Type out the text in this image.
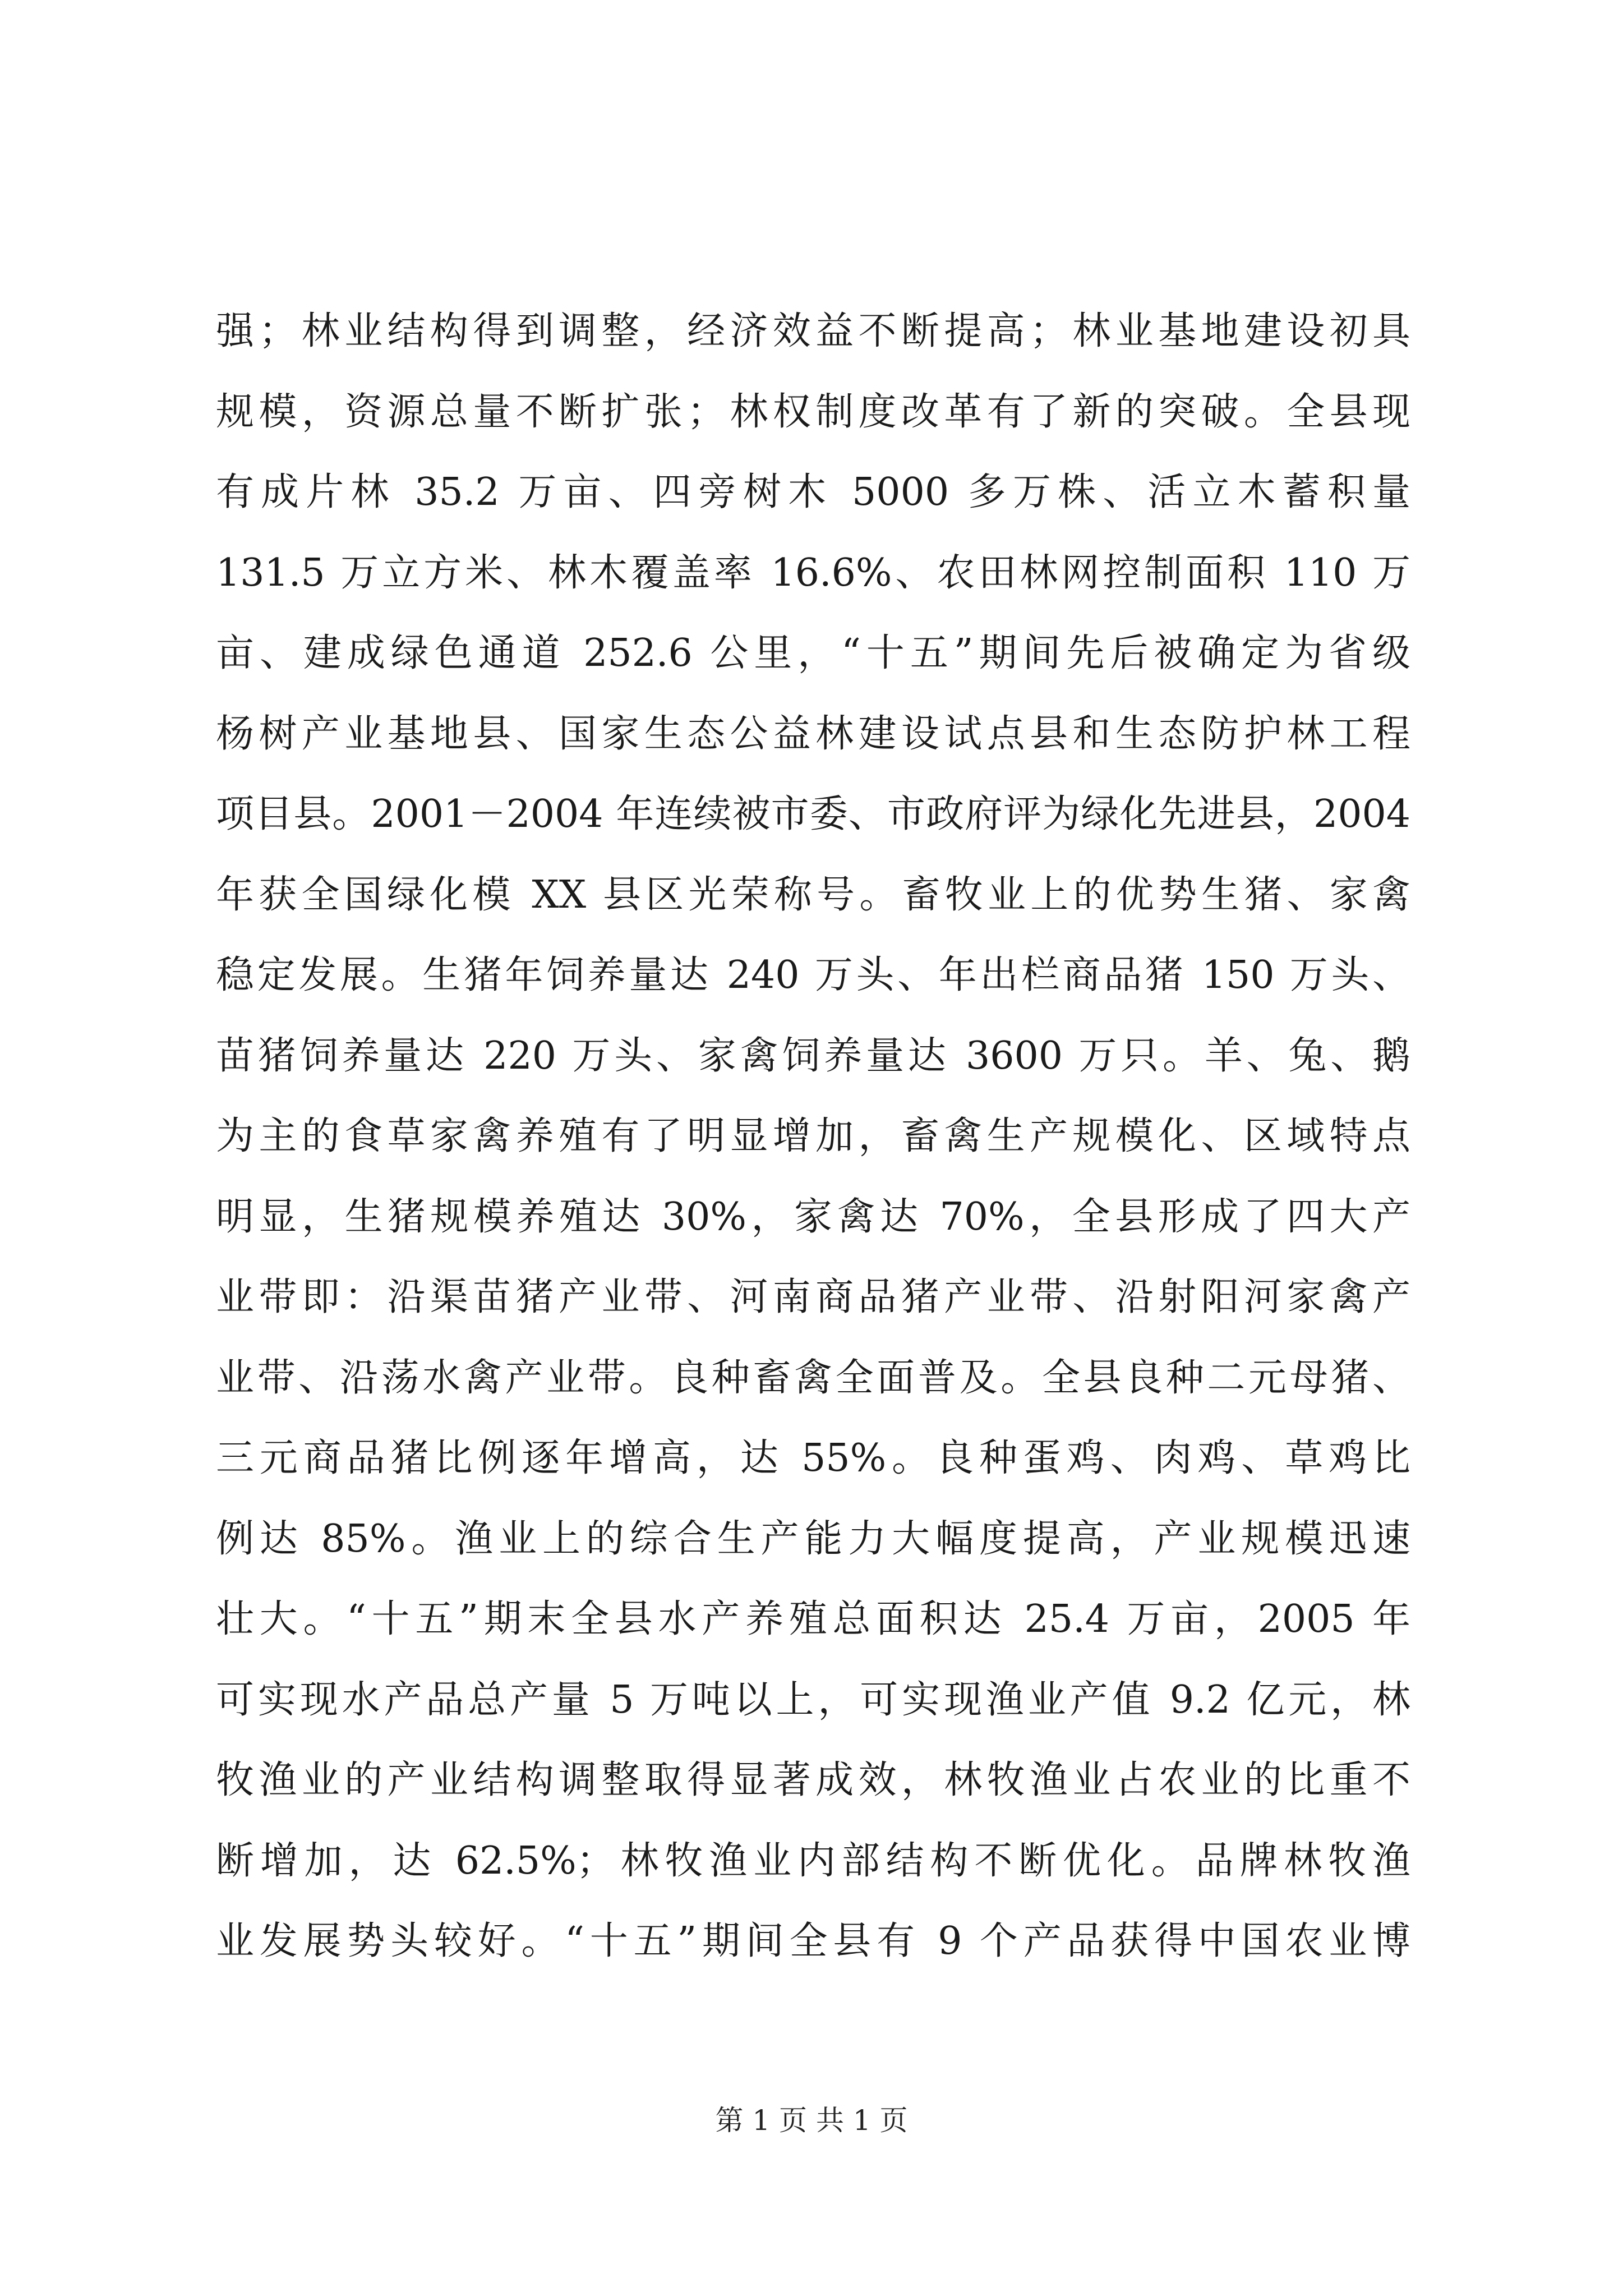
强；林业结构得到调整，经济效益不断提高；林业基地建设初具
规模，资源总量不断扩张；林权制度改革有了新的突破。全县现
有成片林 35.2 万亩、四旁树木 5000 多万株、活立木蓄积量
131.5 万立方米、林木覆盖率 16.6%、农田林网控制面积 110 万
亩、建成绿色通道 252.6 公里，“十五”期间先后被确定为省级
杨树产业基地县、国家生态公益林建设试点县和生态防护林工程
项目县。2001－2004 年连续被市委、市政府评为绿化先进县，2004
年获全国绿化模 XX 县区光荣称号。畜牧业上的优势生猪、家禽
稳定发展。生猪年饲养量达 240 万头、年出栏商品猪 150 万头、
苗猪饲养量达 220 万头、家禽饲养量达 3600 万只。羊、兔、鹅
为主的食草家禽养殖有了明显增加，畜禽生产规模化、区域特点
明显，生猪规模养殖达 30%，家禽达 70%，全县形成了四大产
业带即：沿渠苗猪产业带、河南商品猪产业带、沿射阳河家禽产
业带、沿荡水禽产业带。良种畜禽全面普及。全县良种二元母猪、
三元商品猪比例逐年增高，达 55%。良种蛋鸡、肉鸡、草鸡比
例达 85%。渔业上的综合生产能力大幅度提高，产业规模迅速
壮大。“十五”期末全县水产养殖总面积达 25.4 万亩，2005 年
可实现水产品总产量 5 万吨以上，可实现渔业产值 9.2 亿元，林
牧渔业的产业结构调整取得显著成效，林牧渔业占农业的比重不
断增加，达 62.5%；林牧渔业内部结构不断优化。品牌林牧渔
业发展势头较好。“十五”期间全县有 9 个产品获得中国农业博
第 1 页 共 1 页
